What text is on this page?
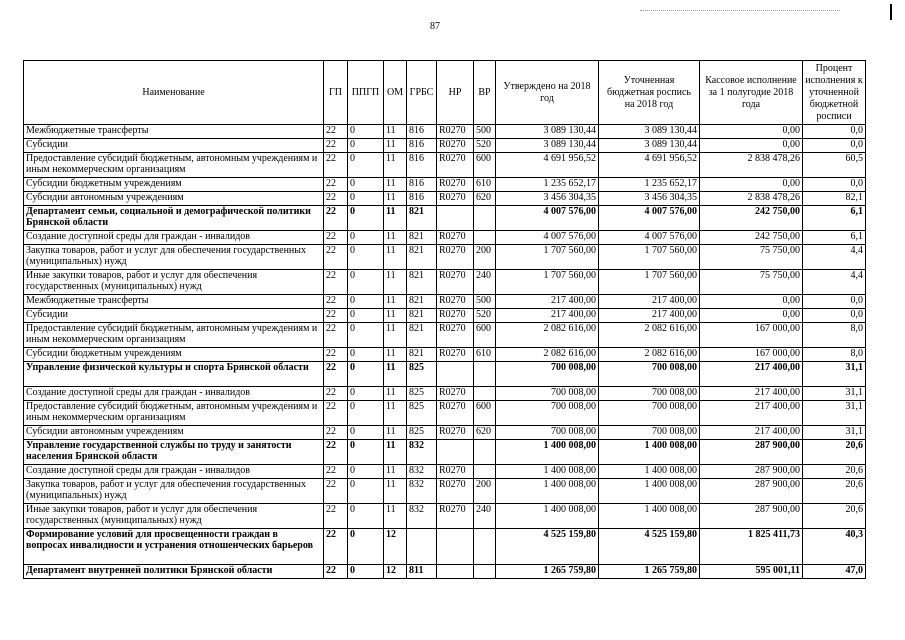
87
Наименование	ГП	ППГП	ОМ	ГРБС	НР	ВР	Утверждено на 2018 год	Уточненная бюджетная роспись на 2018 год	Кассовое исполнение за 1 полугодие 2018 года	Процент исполнения к уточненной бюджетной росписи
Межбюджетные трансферты	22	0	11	816	R0270	500	3 089 130,44	3 089 130,44	0,00	0,0
Субсидии	22	0	11	816	R0270	520	3 089 130,44	3 089 130,44	0,00	0,0
Предоставление субсидий бюджетным, автономным учреждениям и иным некоммерческим организациям	22	0	11	816	R0270	600	4 691 956,52	4 691 956,52	2 838 478,26	60,5
Субсидии бюджетным учреждениям	22	0	11	816	R0270	610	1 235 652,17	1 235 652,17	0,00	0,0
Субсидии автономным учреждениям	22	0	11	816	R0270	620	3 456 304,35	3 456 304,35	2 838 478,26	82,1
Департамент семьи, социальной и демографической политики Брянской области	22	0	11	821			4 007 576,00	4 007 576,00	242 750,00	6,1
Создание доступной среды для граждан - инвалидов	22	0	11	821	R0270		4 007 576,00	4 007 576,00	242 750,00	6,1
Закупка товаров, работ и услуг для обеспечения государственных (муниципальных) нужд	22	0	11	821	R0270	200	1 707 560,00	1 707 560,00	75 750,00	4,4
Иные закупки товаров, работ и услуг для обеспечения государственных (муниципальных) нужд	22	0	11	821	R0270	240	1 707 560,00	1 707 560,00	75 750,00	4,4
Межбюджетные трансферты	22	0	11	821	R0270	500	217 400,00	217 400,00	0,00	0,0
Субсидии	22	0	11	821	R0270	520	217 400,00	217 400,00	0,00	0,0
Предоставление субсидий бюджетным, автономным учреждениям и иным некоммерческим организациям	22	0	11	821	R0270	600	2 082 616,00	2 082 616,00	167 000,00	8,0
Субсидии бюджетным учреждениям	22	0	11	821	R0270	610	2 082 616,00	2 082 616,00	167 000,00	8,0
Управление физической культуры и спорта Брянской области	22	0	11	825			700 008,00	700 008,00	217 400,00	31,1
Создание доступной среды для граждан - инвалидов	22	0	11	825	R0270		700 008,00	700 008,00	217 400,00	31,1
Предоставление субсидий бюджетным, автономным учреждениям и иным некоммерческим организациям	22	0	11	825	R0270	600	700 008,00	700 008,00	217 400,00	31,1
Субсидии автономным учреждениям	22	0	11	825	R0270	620	700 008,00	700 008,00	217 400,00	31,1
Управление государственной службы по труду и занятости населения Брянской области	22	0	11	832			1 400 008,00	1 400 008,00	287 900,00	20,6
Создание доступной среды для граждан - инвалидов	22	0	11	832	R0270		1 400 008,00	1 400 008,00	287 900,00	20,6
Закупка товаров, работ и услуг для обеспечения государственных (муниципальных) нужд	22	0	11	832	R0270	200	1 400 008,00	1 400 008,00	287 900,00	20,6
Иные закупки товаров, работ и услуг для обеспечения государственных (муниципальных) нужд	22	0	11	832	R0270	240	1 400 008,00	1 400 008,00	287 900,00	20,6
Формирование условий для просвещенности граждан в вопросах инвалидности и устранения отношенческих барьеров	22	0	12				4 525 159,80	4 525 159,80	1 825 411,73	40,3
Департамент внутренней политики Брянской области	22	0	12	811			1 265 759,80	1 265 759,80	595 001,11	47,0
